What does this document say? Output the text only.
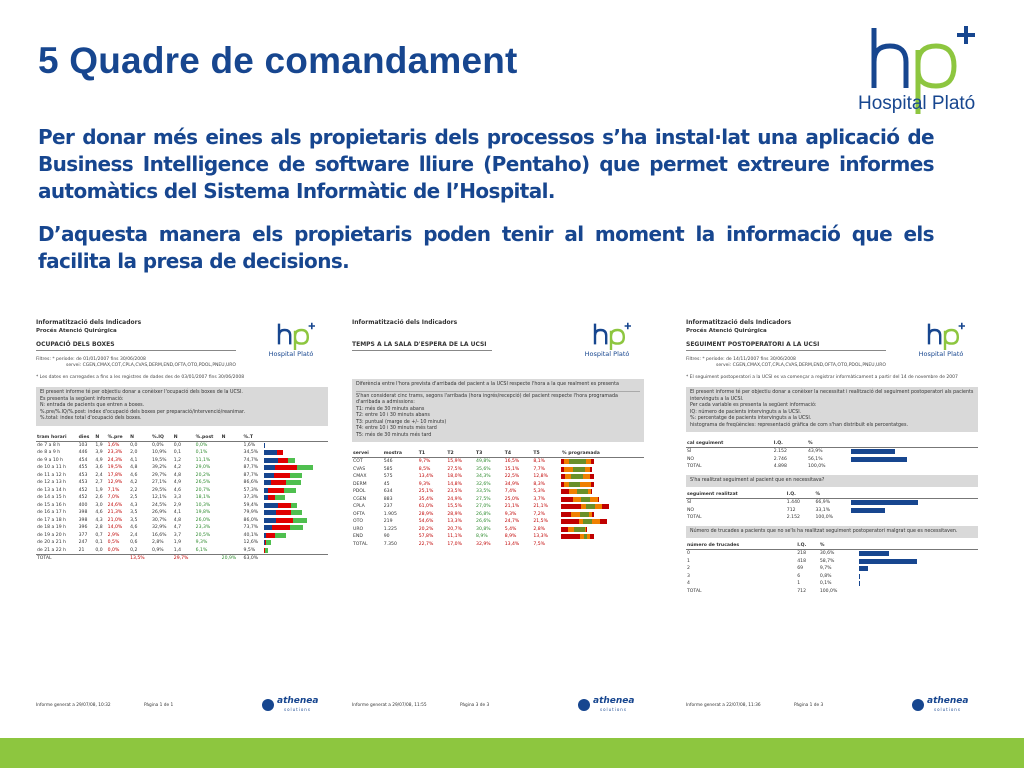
5 Quadre de comandament
Hospital Plató
Per donar més eines als propietaris dels processos s’ha instal·lat una aplicació de Business Intelligence de software lliure (Pentaho) que permet extreure informes automàtics del Sistema Informàtic de l’Hospital.
D’aquesta manera els propietaris poden tenir al moment la informació que els facilita la presa de decisions.
Informatització dels Indicadors
Procés Atenció Quirúrgica
OCUPACIÓ DELS BOXES
Hospital Plató
Filtres: * període: de 01/01/2007 fins 30/06/2008
servei: CGEN,CMAX,COT,CPLA,CVAS,DERM,END,OFTA,OTO,PDOL,PNEU,URO
* Les dates en carregades a fins a les registres de dades des de 03/01/2007 fins 30/06/2008
El present informe té per objectiu donar a conèixer l'ocupació dels boxes de la UCSI.
Es presenta la següent informació:
N: entrada de pacients que entren a boxes.
%.pre/%.IQ/%.post: index d'ocupació dels boxes per preparació/intervenció/reanimar.
%.total: index total d'ocupació dels boxes.
tram horari	dies	N	%.pre	N	%.IQ	N	%.post	N	%.T	
de 7 a 8 h	103	1,9	1,6%	0,0	0,0%	0,0	0,0%		1,6%	

de 8 a 9 h	446	3,9	23,3%	2,0	10,9%	0,1	0,1%		34,5%	

de 9 a 10 h	454	4,9	24,3%	4,1	19,5%	1,2	11,1%		74,7%	

de 10 a 11 h	455	3,6	19,5%	4,8	39,2%	4,2	29,0%		87,7%	

de 11 a 12 h	453	2,4	17,8%	4,6	29,7%	4,8	20,2%		87,7%	

de 12 a 13 h	453	2,7	12,9%	4,2	27,1%	4,9	26,5%		86,6%	

de 13 a 14 h	452	1,9	7,1%	2,2	29,5%	4,6	20,7%		57,3%	

de 14 a 15 h	452	2,6	7,0%	2,5	12,1%	3,3	18,1%		37,3%	

de 15 a 16 h	400	3,0	24,6%	4,3	24,5%	2,9	10,3%		59,4%	

de 16 a 17 h	398	4,6	21,3%	3,5	26,9%	4,1	19,8%		79,9%	

de 17 a 18 h	398	4,3	21,0%	3,5	30,7%	4,8	26,0%		86,0%	

de 18 a 19 h	396	2,8	14,0%	4,6	32,9%	4,7	23,3%		73,7%	

de 19 a 20 h	377	0,7	2,9%	2,4	16,6%	3,7	20,5%		40,1%	

de 20 a 21 h	247	0,1	0,5%	0,6	2,8%	1,9	9,3%		12,6%	

de 21 a 22 h	21	0,0	0,0%	0,2	0,9%	1,4	6,1%		9,5%	

TOTAL				13,5%		29,7%		20,9%	63,0%	
Informe generat a 29/07/08, 10:32	Pàgina 1 de 1	athenea
solutions
Informatització dels Indicadors
TEMPS A LA SALA D'ESPERA DE LA UCSI
Hospital Plató
Diferència entre l'hora prevista d'arribada del pacient a la UCSI respecte l'hora a la que realment es presenta
S'han considerat cinc trams, segons l'arribada (hora ingrés/recepció) del pacient respecte l'hora programada d'arribada a admissions:
T1: més de 30 minuts abans
T2: entre 10 i 30 minuts abans
T3: puntual (marge de +/- 10 minuts)
T4: entre 10 i 30 minuts més tard
T5: més de 30 minuts més tard
servei	mostra	T1	T2	T3	T4	T5	% programada
COT	546	9,7%	15,9%	49,8%	16,5%	8,1%	

CVAS	585	8,5%	27,5%	35,6%	15,1%	7,7%	

CMAX	575	13,4%	18,0%	34,3%	22,5%	12,8%	

DERM	45	9,3%	14,8%	32,6%	34,9%	8,3%	

PDOL	634	25,1%	23,5%	33,5%	7,4%	5,3%	

CGEN	883	35,4%	24,9%	27,5%	25,0%	3,7%	

CPLA	237	61,0%	15,5%	27,0%	21,1%	21,1%	

OFTA	1.905	28,9%	28,9%	26,8%	9,3%	7,2%	

OTO	219	54,6%	13,3%	26,6%	24,7%	21,5%	

URO	1.225	20,2%	20,7%	30,8%	5,4%	2,8%	

END	90	57,8%	11,1%	8,9%	8,9%	13,3%	

TOTAL	7.350	22,7%	17,0%	32,9%	13,4%	7,5%	
Informe generat a 29/07/08, 11:55	Pàgina 3 de 3	athenea
solutions
Informatització dels Indicadors
Procés Atenció Quirúrgica
SEGUIMENT POSTOPERATORI A LA UCSI
Hospital Plató
Filtres: * període: de 14/11/2007 fins 30/06/2008
servei: CGEN,CMAX,COT,CPLA,CVAS,DERM,END,OFTA,OTO,PDOL,PNEU,URO
* El seguiment postoperatori a la UCSI es va començar a registrar informàticament a partir del 14 de novembre de 2007
El present informe té per objectiu donar a conèixer la necessitat i realització del seguiment postoperatori als pacients intervinguts a la UCSI.
Per cada variable es presenta la següent informació:
IQ: número de pacients intervinguts a la UCSI.
%: percentatge de pacients intervinguts a la UCSI.
histograma de freqüències: representació gràfica de com s'han distribuït els percentatges.
cal seguiment	I.Q.	%	
SÍ	2.152	43,9%	

NO	2.746	56,1%	

TOTAL	4.898	100,0%	
S'ha realitzat seguiment al pacient que en necessitava?
seguiment realitzat	I.Q.	%	
SÍ	1.440	66,9%	

NO	712	33,1%	

TOTAL	2.152	100,0%	
Número de trucades a pacients que no se'ls ha realitzat seguiment postoperatori malgrat que es necessitaven.
número de trucades	I.Q.	%	
0	218	30,6%	

1	418	58,7%	

2	69	9,7%	

3	6	0,8%	

4	1	0,1%	

TOTAL	712	100,0%	
Informe generat a 22/07/08, 11:36	Pàgina 1 de 3	athenea
solutions
